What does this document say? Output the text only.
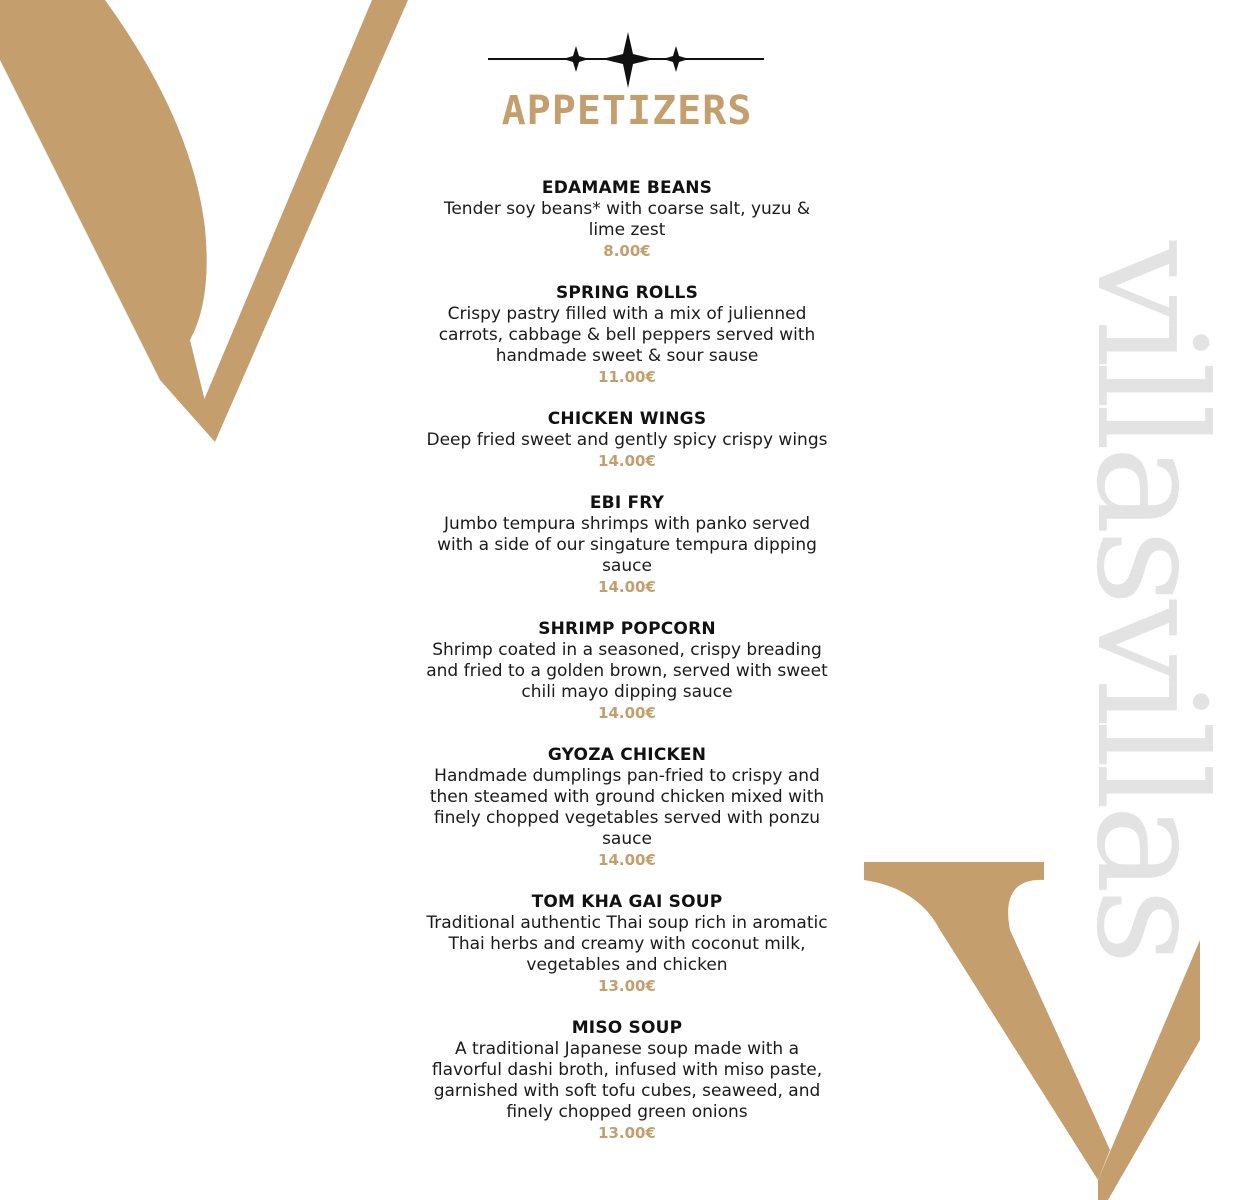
villasvillas
APPETIZERS
EDAMAME BEANS
Tender soy beans* with coarse salt, yuzu & lime zest
8.00€
SPRING ROLLS
Crispy pastry filled with a mix of julienned carrots, cabbage & bell peppers served with handmade sweet & sour sause
11.00€
CHICKEN WINGS
Deep fried sweet and gently spicy crispy wings
14.00€
EBI FRY
Jumbo tempura shrimps with panko served with a side of our singature tempura dipping sauce
14.00€
SHRIMP POPCORN
Shrimp coated in a seasoned, crispy breading and fried to a golden brown, served with sweet chili mayo dipping sauce
14.00€
GYOZA CHICKEN
Handmade dumplings pan-fried to crispy and then steamed with ground chicken mixed with finely chopped vegetables served with ponzu sauce
14.00€
TOM KHA GAI SOUP
Traditional authentic Thai soup rich in aromatic Thai herbs and creamy with coconut milk, vegetables and chicken
13.00€
MISO SOUP
A traditional Japanese soup made with a flavorful dashi broth, infused with miso paste, garnished with soft tofu cubes, seaweed, and finely chopped green onions
13.00€
